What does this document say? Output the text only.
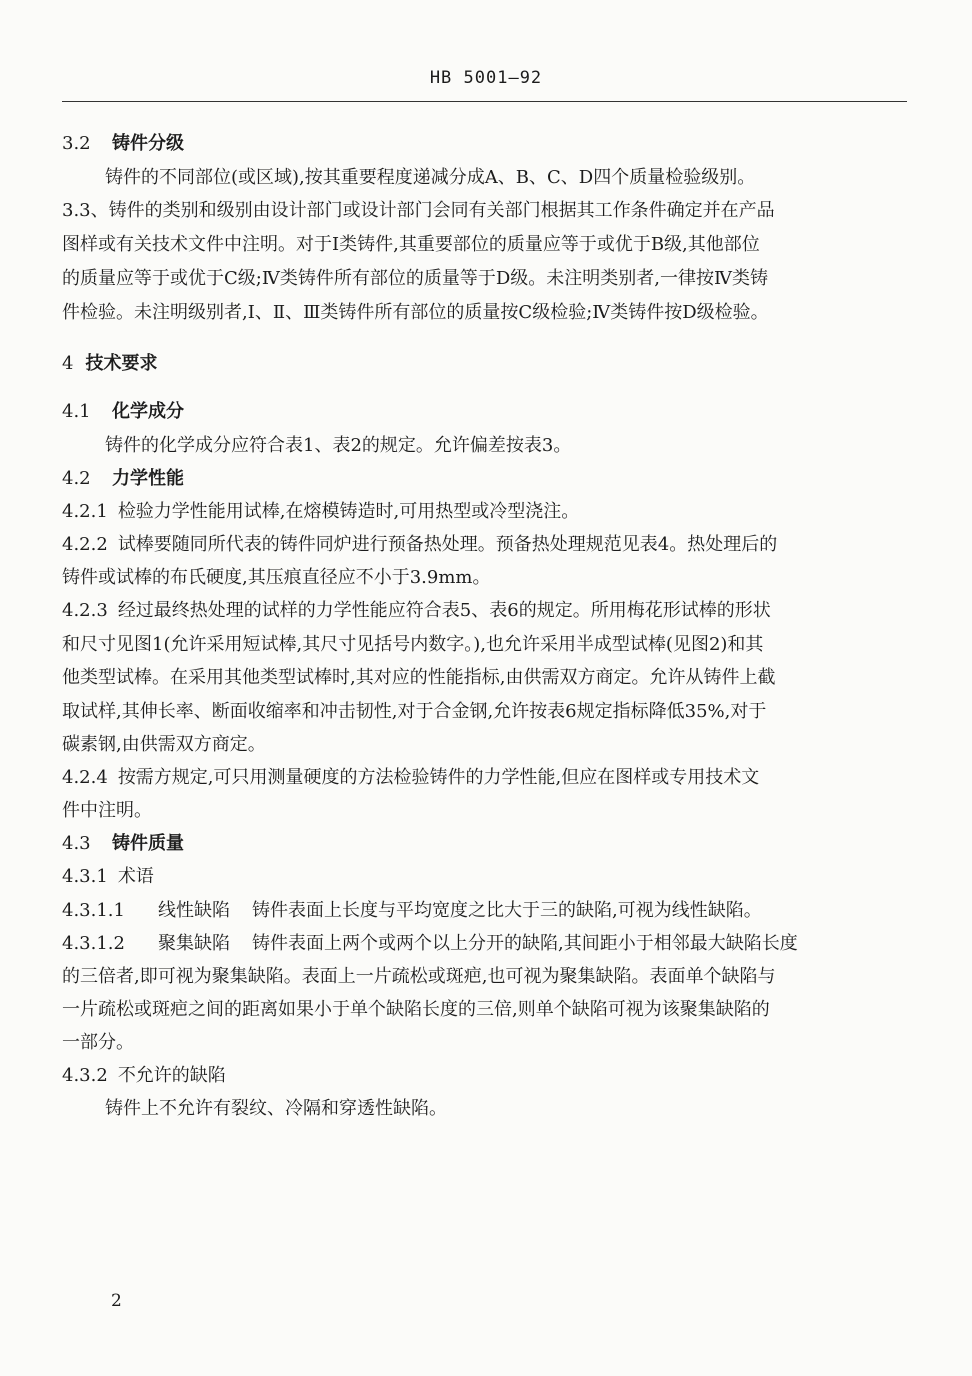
HB 5001—92
3.2 铸件分级
铸件的不同部位(或区域),按其重要程度递减分成A、B、C、D四个质量检验级别。
3.3、铸件的类别和级别由设计部门或设计部门会同有关部门根据其工作条件确定并在产品
图样或有关技术文件中注明。对于Ⅰ类铸件,其重要部位的质量应等于或优于B级,其他部位
的质量应等于或优于C级;Ⅳ类铸件所有部位的质量等于D级。未注明类别者,一律按Ⅳ类铸
件检验。未注明级别者,Ⅰ、Ⅱ、Ⅲ类铸件所有部位的质量按C级检验;Ⅳ类铸件按D级检验。
4 技术要求
4.1 化学成分
铸件的化学成分应符合表1、表2的规定。允许偏差按表3。
4.2 力学性能
4.2.1 检验力学性能用试棒,在熔模铸造时,可用热型或冷型浇注。
4.2.2 试棒要随同所代表的铸件同炉进行预备热处理。预备热处理规范见表4。热处理后的
铸件或试棒的布氏硬度,其压痕直径应不小于3.9mm。
4.2.3 经过最终热处理的试样的力学性能应符合表5、表6的规定。所用梅花形试棒的形状
和尺寸见图1(允许采用短试棒,其尺寸见括号内数字。),也允许采用半成型试棒(见图2)和其
他类型试棒。在采用其他类型试棒时,其对应的性能指标,由供需双方商定。允许从铸件上截
取试样,其伸长率、断面收缩率和冲击韧性,对于合金钢,允许按表6规定指标降低35%,对于
碳素钢,由供需双方商定。
4.2.4 按需方规定,可只用测量硬度的方法检验铸件的力学性能,但应在图样或专用技术文
件中注明。
4.3 铸件质量
4.3.1 术语
4.3.1.1 线性缺陷 铸件表面上长度与平均宽度之比大于三的缺陷,可视为线性缺陷。
4.3.1.2 聚集缺陷 铸件表面上两个或两个以上分开的缺陷,其间距小于相邻最大缺陷长度
的三倍者,即可视为聚集缺陷。表面上一片疏松或斑疤,也可视为聚集缺陷。表面单个缺陷与
一片疏松或斑疤之间的距离如果小于单个缺陷长度的三倍,则单个缺陷可视为该聚集缺陷的
一部分。
4.3.2 不允许的缺陷
铸件上不允许有裂纹、冷隔和穿透性缺陷。
2
